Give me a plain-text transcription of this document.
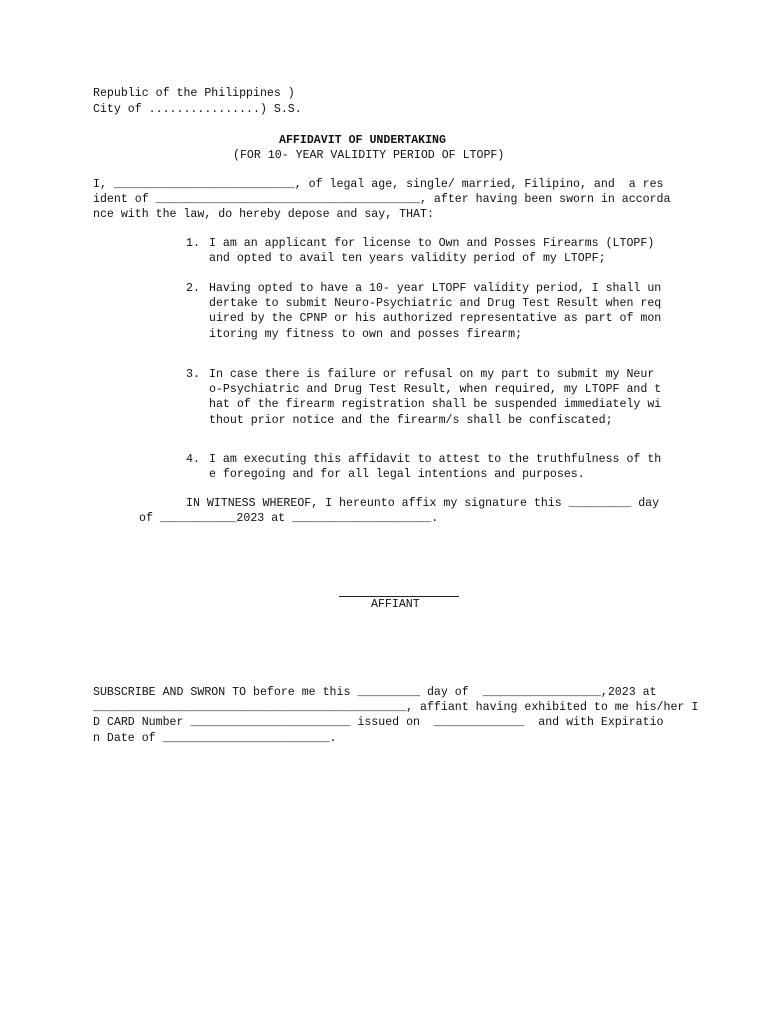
Republic of the Philippines )
City of ................) S.S.
AFFIDAVIT OF UNDERTAKING
(FOR 10- YEAR VALIDITY PERIOD OF LTOPF)
I, __________________________, of legal age, single/ married, Filipino, and  a res
ident of ______________________________________, after having been sworn in accorda
nce with the law, do hereby depose and say, THAT:
1. I am an applicant for license to Own and Posses Firearms (LTOPF)
and opted to avail ten years validity period of my LTOPF;
2. Having opted to have a 10- year LTOPF validity period, I shall un
dertake to submit Neuro-Psychiatric and Drug Test Result when req
uired by the CPNP or his authorized representative as part of mon
itoring my fitness to own and posses firearm;
3. In case there is failure or refusal on my part to submit my Neur
o-Psychiatric and Drug Test Result, when required, my LTOPF and t
hat of the firearm registration shall be suspended immediately wi
thout prior notice and the firearm/s shall be confiscated;
4. I am executing this affidavit to attest to the truthfulness of th
e foregoing and for all legal intentions and purposes.
IN WITNESS WHEREOF, I hereunto affix my signature this _________ day
of ___________2023 at ____________________.
AFFIANT
SUBSCRIBE AND SWRON TO before me this _________ day of  _________________,2023 at
_____________________________________________, affiant having exhibited to me his/her I
D CARD Number _______________________ issued on  _____________  and with Expiratio
n Date of ________________________.
